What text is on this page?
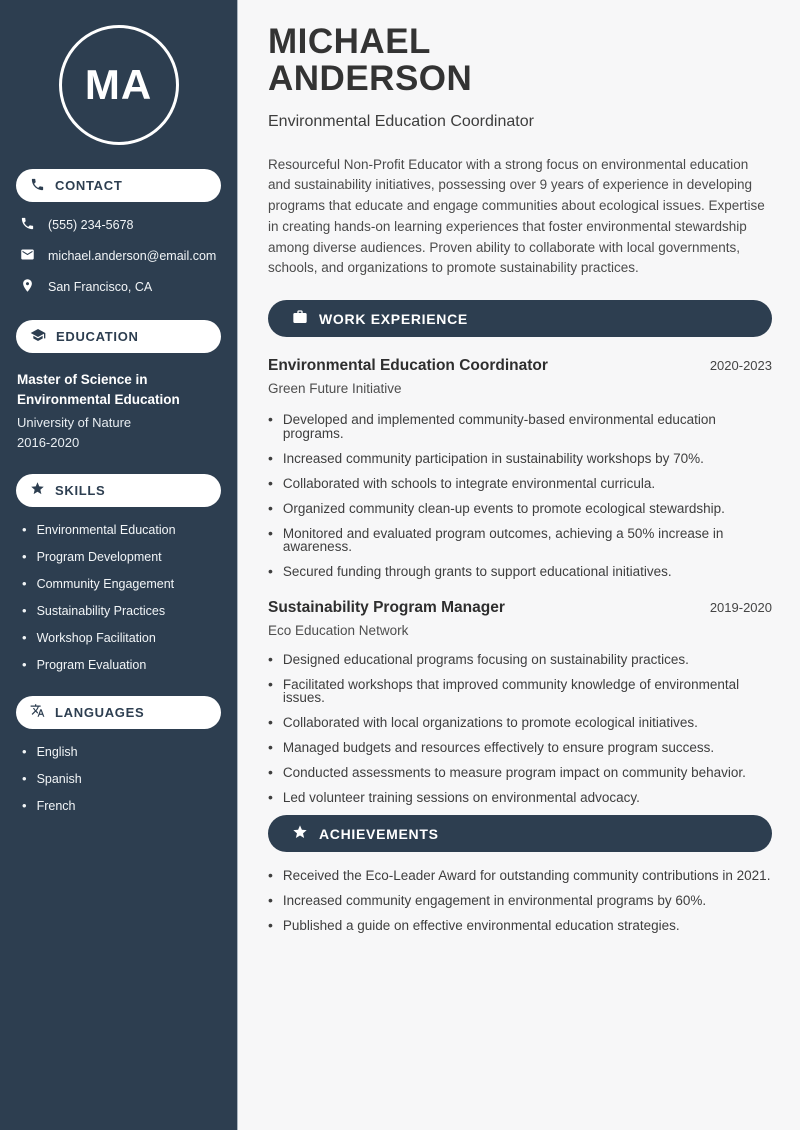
MA
CONTACT
(555) 234-5678
michael.anderson@email.com
San Francisco, CA
EDUCATION
Master of Science in Environmental Education
University of Nature
2016-2020
SKILLS
• Environmental Education
• Program Development
• Community Engagement
• Sustainability Practices
• Workshop Facilitation
• Program Evaluation
LANGUAGES
• English
• Spanish
• French
MICHAEL
ANDERSON
Environmental Education Coordinator

Resourceful Non-Profit Educator with a strong focus on environmental education and sustainability initiatives, possessing over 9 years of experience in developing programs that educate and engage communities about ecological issues. Expertise in creating hands-on learning experiences that foster environmental stewardship among diverse audiences. Proven ability to collaborate with local governments, schools, and organizations to promote sustainability practices.

WORK EXPERIENCE
Environmental Education Coordinator	2020-2023
Green Future Initiative
• Developed and implemented community-based environmental education programs.
• Increased community participation in sustainability workshops by 70%.
• Collaborated with schools to integrate environmental curricula.
• Organized community clean-up events to promote ecological stewardship.
• Monitored and evaluated program outcomes, achieving a 50% increase in awareness.
• Secured funding through grants to support educational initiatives.
Sustainability Program Manager	2019-2020
Eco Education Network
• Designed educational programs focusing on sustainability practices.
• Facilitated workshops that improved community knowledge of environmental issues.
• Collaborated with local organizations to promote ecological initiatives.
• Managed budgets and resources effectively to ensure program success.
• Conducted assessments to measure program impact on community behavior.
• Led volunteer training sessions on environmental advocacy.
ACHIEVEMENTS
• Received the Eco-Leader Award for outstanding community contributions in 2021.
• Increased community engagement in environmental programs by 60%.
• Published a guide on effective environmental education strategies.
